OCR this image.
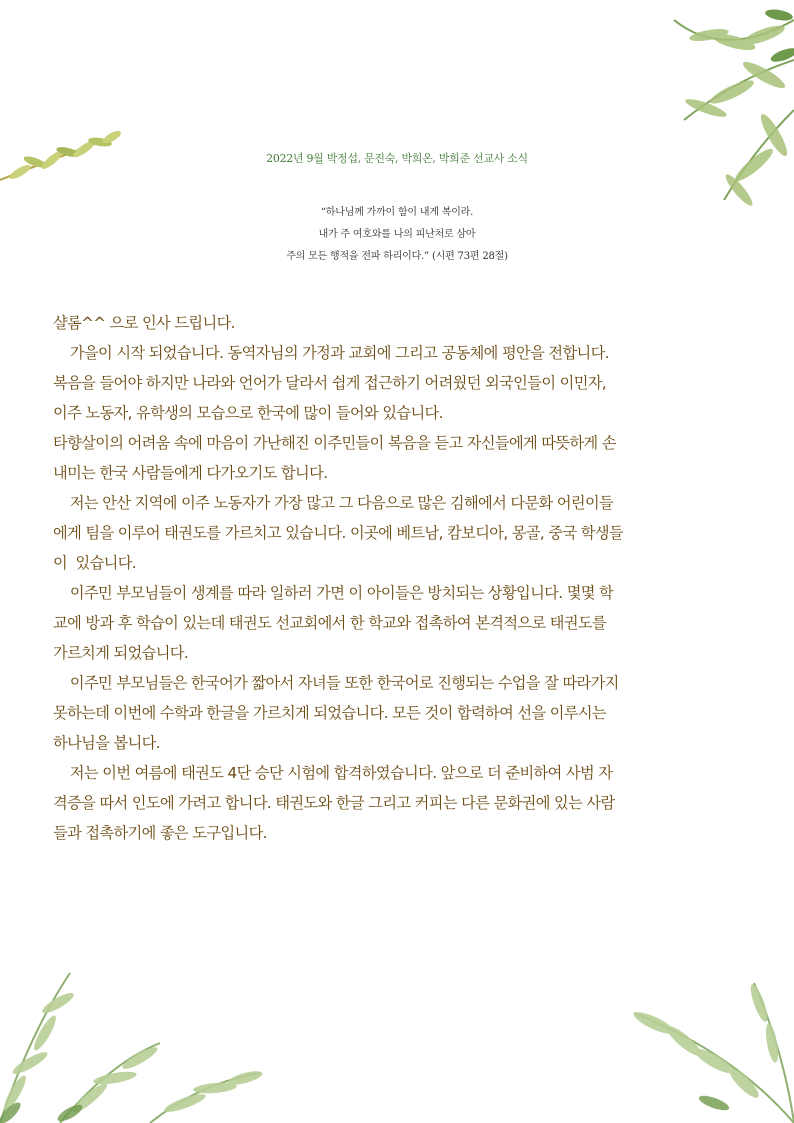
2022년 9월 박정섭, 문진숙, 박희온, 박희준 선교사 소식
“하나님께 가까이 함이 내게 복이라.
내가 주 여호와를 나의 피난처로 삼아
주의 모든 행적을 전파 하리이다.” (시편 73편 28절)

샬롬^^ 으로 인사 드립니다.

가을이 시작 되었습니다. 동역자님의 가정과 교회에 그리고 공동체에 평안을 전합니다.

복음을 들어야 하지만 나라와 언어가 달라서 쉽게 접근하기 어려웠던 외국인들이 이민자,

이주 노동자, 유학생의 모습으로 한국에 많이 들어와 있습니다.

타향살이의 어려움 속에 마음이 가난해진 이주민들이 복음을 듣고 자신들에게 따뜻하게 손

내미는 한국 사람들에게 다가오기도 합니다.

저는 안산 지역에 이주 노동자가 가장 많고 그 다음으로 많은 김해에서 다문화 어린이들

에게 팀을 이루어 태권도를 가르치고 있습니다. 이곳에 베트남, 캄보디아, 몽골, 중국 학생들

이  있습니다.

이주민 부모님들이 생계를 따라 일하러 가면 이 아이들은 방치되는 상황입니다. 몇몇 학

교에 방과 후 학습이 있는데 태권도 선교회에서 한 학교와 접촉하여 본격적으로 태권도를

가르치게 되었습니다.

이주민 부모님들은 한국어가 짧아서 자녀들 또한 한국어로 진행되는 수업을 잘 따라가지

못하는데 이번에 수학과 한글을 가르치게 되었습니다. 모든 것이 합력하여 선을 이루시는

하나님을 봅니다.

저는 이번 여름에 태권도 4단 승단 시험에 합격하였습니다. 앞으로 더 준비하여 사범 자

격증을 따서 인도에 가려고 합니다. 태권도와 한글 그리고 커피는 다른 문화권에 있는 사람

들과 접촉하기에 좋은 도구입니다.
